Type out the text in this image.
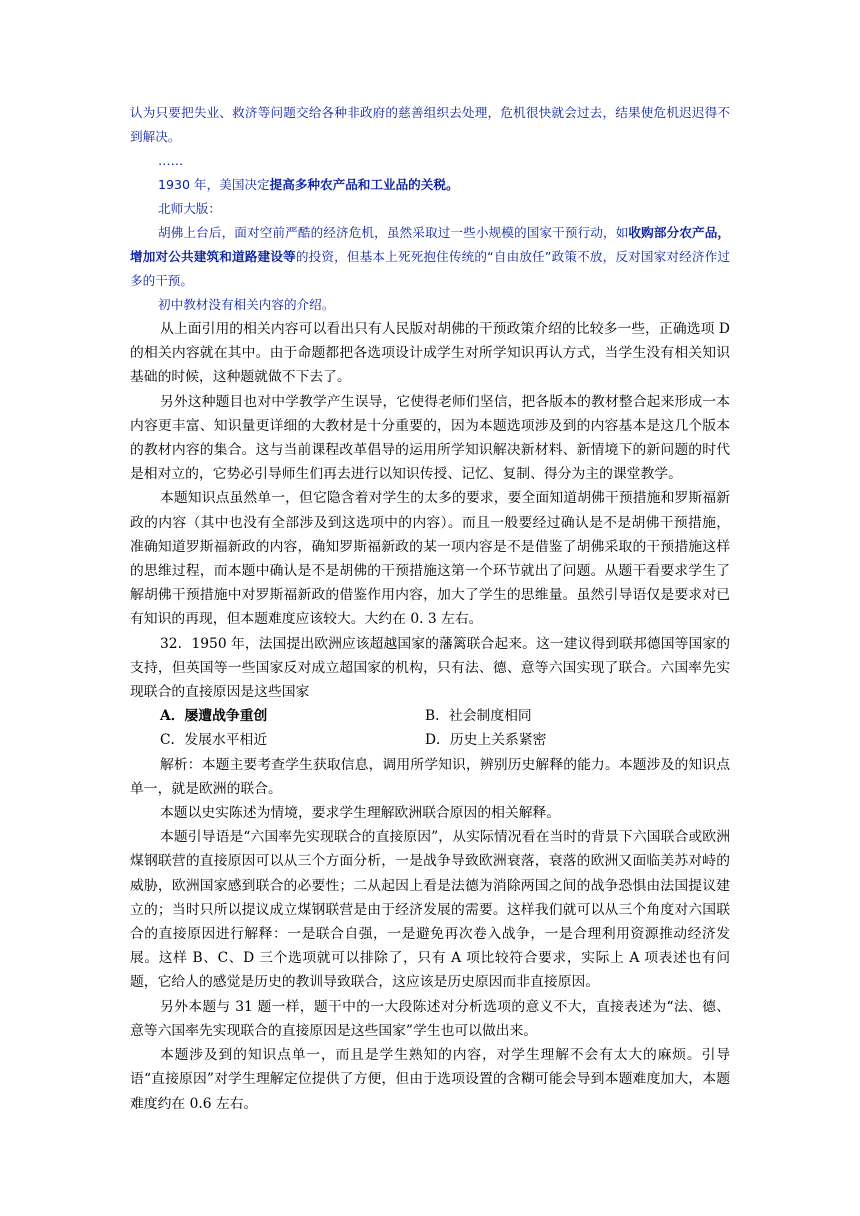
认为只要把失业、救济等问题交给各种非政府的慈善组织去处理，危机很快就会过去，结果使危机迟迟得不到解决。

……

1930 年，美国决定提高多种农产品和工业品的关税。

北师大版：

胡佛上台后，面对空前严酷的经济危机，虽然采取过一些小规模的国家干预行动，如收购部分农产品，增加对公共建筑和道路建设等的投资，但基本上死死抱住传统的“自由放任”政策不放，反对国家对经济作过多的干预。

初中教材没有相关内容的介绍。

从上面引用的相关内容可以看出只有人民版对胡佛的干预政策介绍的比较多一些，正确选项 D 的相关内容就在其中。由于命题都把各选项设计成学生对所学知识再认方式，当学生没有相关知识基础的时候，这种题就做不下去了。

另外这种题目也对中学教学产生误导，它使得老师们坚信，把各版本的教材整合起来形成一本内容更丰富、知识量更详细的大教材是十分重要的，因为本题选项涉及到的内容基本是这几个版本的教材内容的集合。这与当前课程改革倡导的运用所学知识解决新材料、新情境下的新问题的时代是相对立的，它势必引导师生们再去进行以知识传授、记忆、复制、得分为主的课堂教学。

本题知识点虽然单一，但它隐含着对学生的太多的要求，要全面知道胡佛干预措施和罗斯福新政的内容（其中也没有全部涉及到这选项中的内容）。而且一般要经过确认是不是胡佛干预措施，准确知道罗斯福新政的内容，确知罗斯福新政的某一项内容是不是借鉴了胡佛采取的干预措施这样的思维过程，而本题中确认是不是胡佛的干预措施这第一个环节就出了问题。从题干看要求学生了解胡佛干预措施中对罗斯福新政的借鉴作用内容，加大了学生的思维量。虽然引导语仅是要求对已有知识的再现，但本题难度应该较大。大约在 0. 3 左右。

32．1950 年，法国提出欧洲应该超越国家的藩篱联合起来。这一建议得到联邦德国等国家的支持，但英国等一些国家反对成立超国家的机构，只有法、德、意等六国实现了联合。六国率先实现联合的直接原因是这些国家

A．屡遭战争重创	B．社会制度相同
C．发展水平相近	D．历史上关系紧密

解析：本题主要考查学生获取信息，调用所学知识，辨别历史解释的能力。本题涉及的知识点单一，就是欧洲的联合。

本题以史实陈述为情境，要求学生理解欧洲联合原因的相关解释。

本题引导语是“六国率先实现联合的直接原因”，从实际情况看在当时的背景下六国联合或欧洲煤钢联营的直接原因可以从三个方面分析，一是战争导致欧洲衰落，衰落的欧洲又面临美苏对峙的威胁，欧洲国家感到联合的必要性；二从起因上看是法德为消除两国之间的战争恐惧由法国提议建立的；当时只所以提议成立煤钢联营是由于经济发展的需要。这样我们就可以从三个角度对六国联合的直接原因进行解释：一是联合自强，一是避免再次卷入战争，一是合理利用资源推动经济发展。这样 B、C、D 三个选项就可以排除了，只有 A 项比较符合要求，实际上 A 项表述也有问题，它给人的感觉是历史的教训导致联合，这应该是历史原因而非直接原因。

另外本题与 31 题一样，题干中的一大段陈述对分析选项的意义不大，直接表述为“法、德、意等六国率先实现联合的直接原因是这些国家”学生也可以做出来。

本题涉及到的知识点单一，而且是学生熟知的内容，对学生理解不会有太大的麻烦。引导语“直接原因”对学生理解定位提供了方便，但由于选项设置的含糊可能会导到本题难度加大，本题难度约在 0.6 左右。
